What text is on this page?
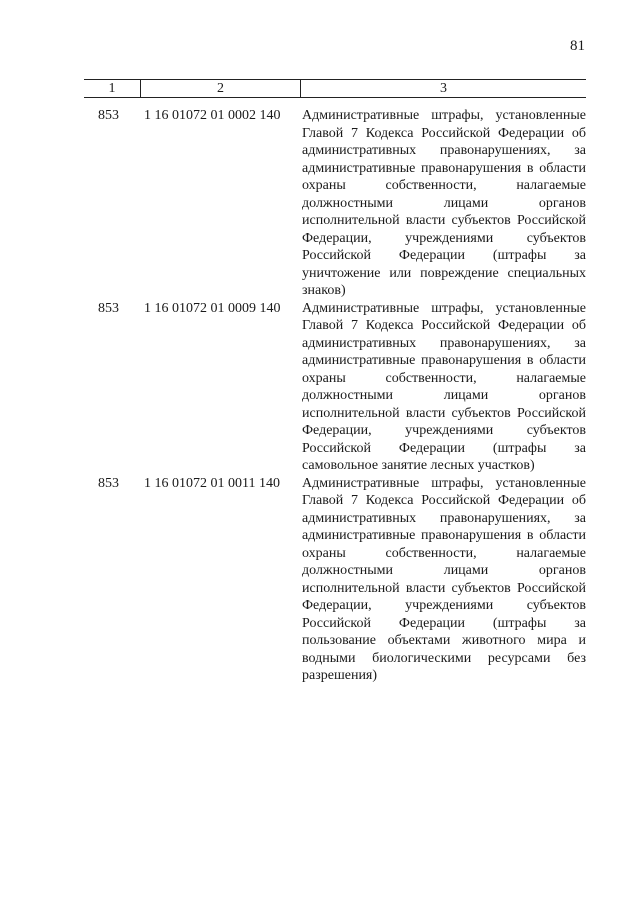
81
1	2	3
853	1 16 01072 01 0002 140	Административные штрафы, установленные Главой 7 Кодекса Российской Федерации об административных правонарушениях, за административные правонарушения в области охраны собственности, налагаемые должностными лицами органов исполнительной власти субъектов Российской Федерации, учреждениями субъектов Российской Федерации (штрафы за уничтожение или повреждение специальных знаков)
853	1 16 01072 01 0009 140	Административные штрафы, установленные Главой 7 Кодекса Российской Федерации об административных правонарушениях, за административные правонарушения в области охраны собственности, налагаемые должностными лицами органов исполнительной власти субъектов Российской Федерации, учреждениями субъектов Российской Федерации (штрафы за самовольное занятие лесных участков)
853	1 16 01072 01 0011 140	Административные штрафы, установленные Главой 7 Кодекса Российской Федерации об административных правонарушениях, за административные правонарушения в области охраны собственности, налагаемые должностными лицами органов исполнительной власти субъектов Российской Федерации, учреждениями субъектов Российской Федерации (штрафы за пользование объектами животного мира и водными биологическими ресурсами без разрешения)
